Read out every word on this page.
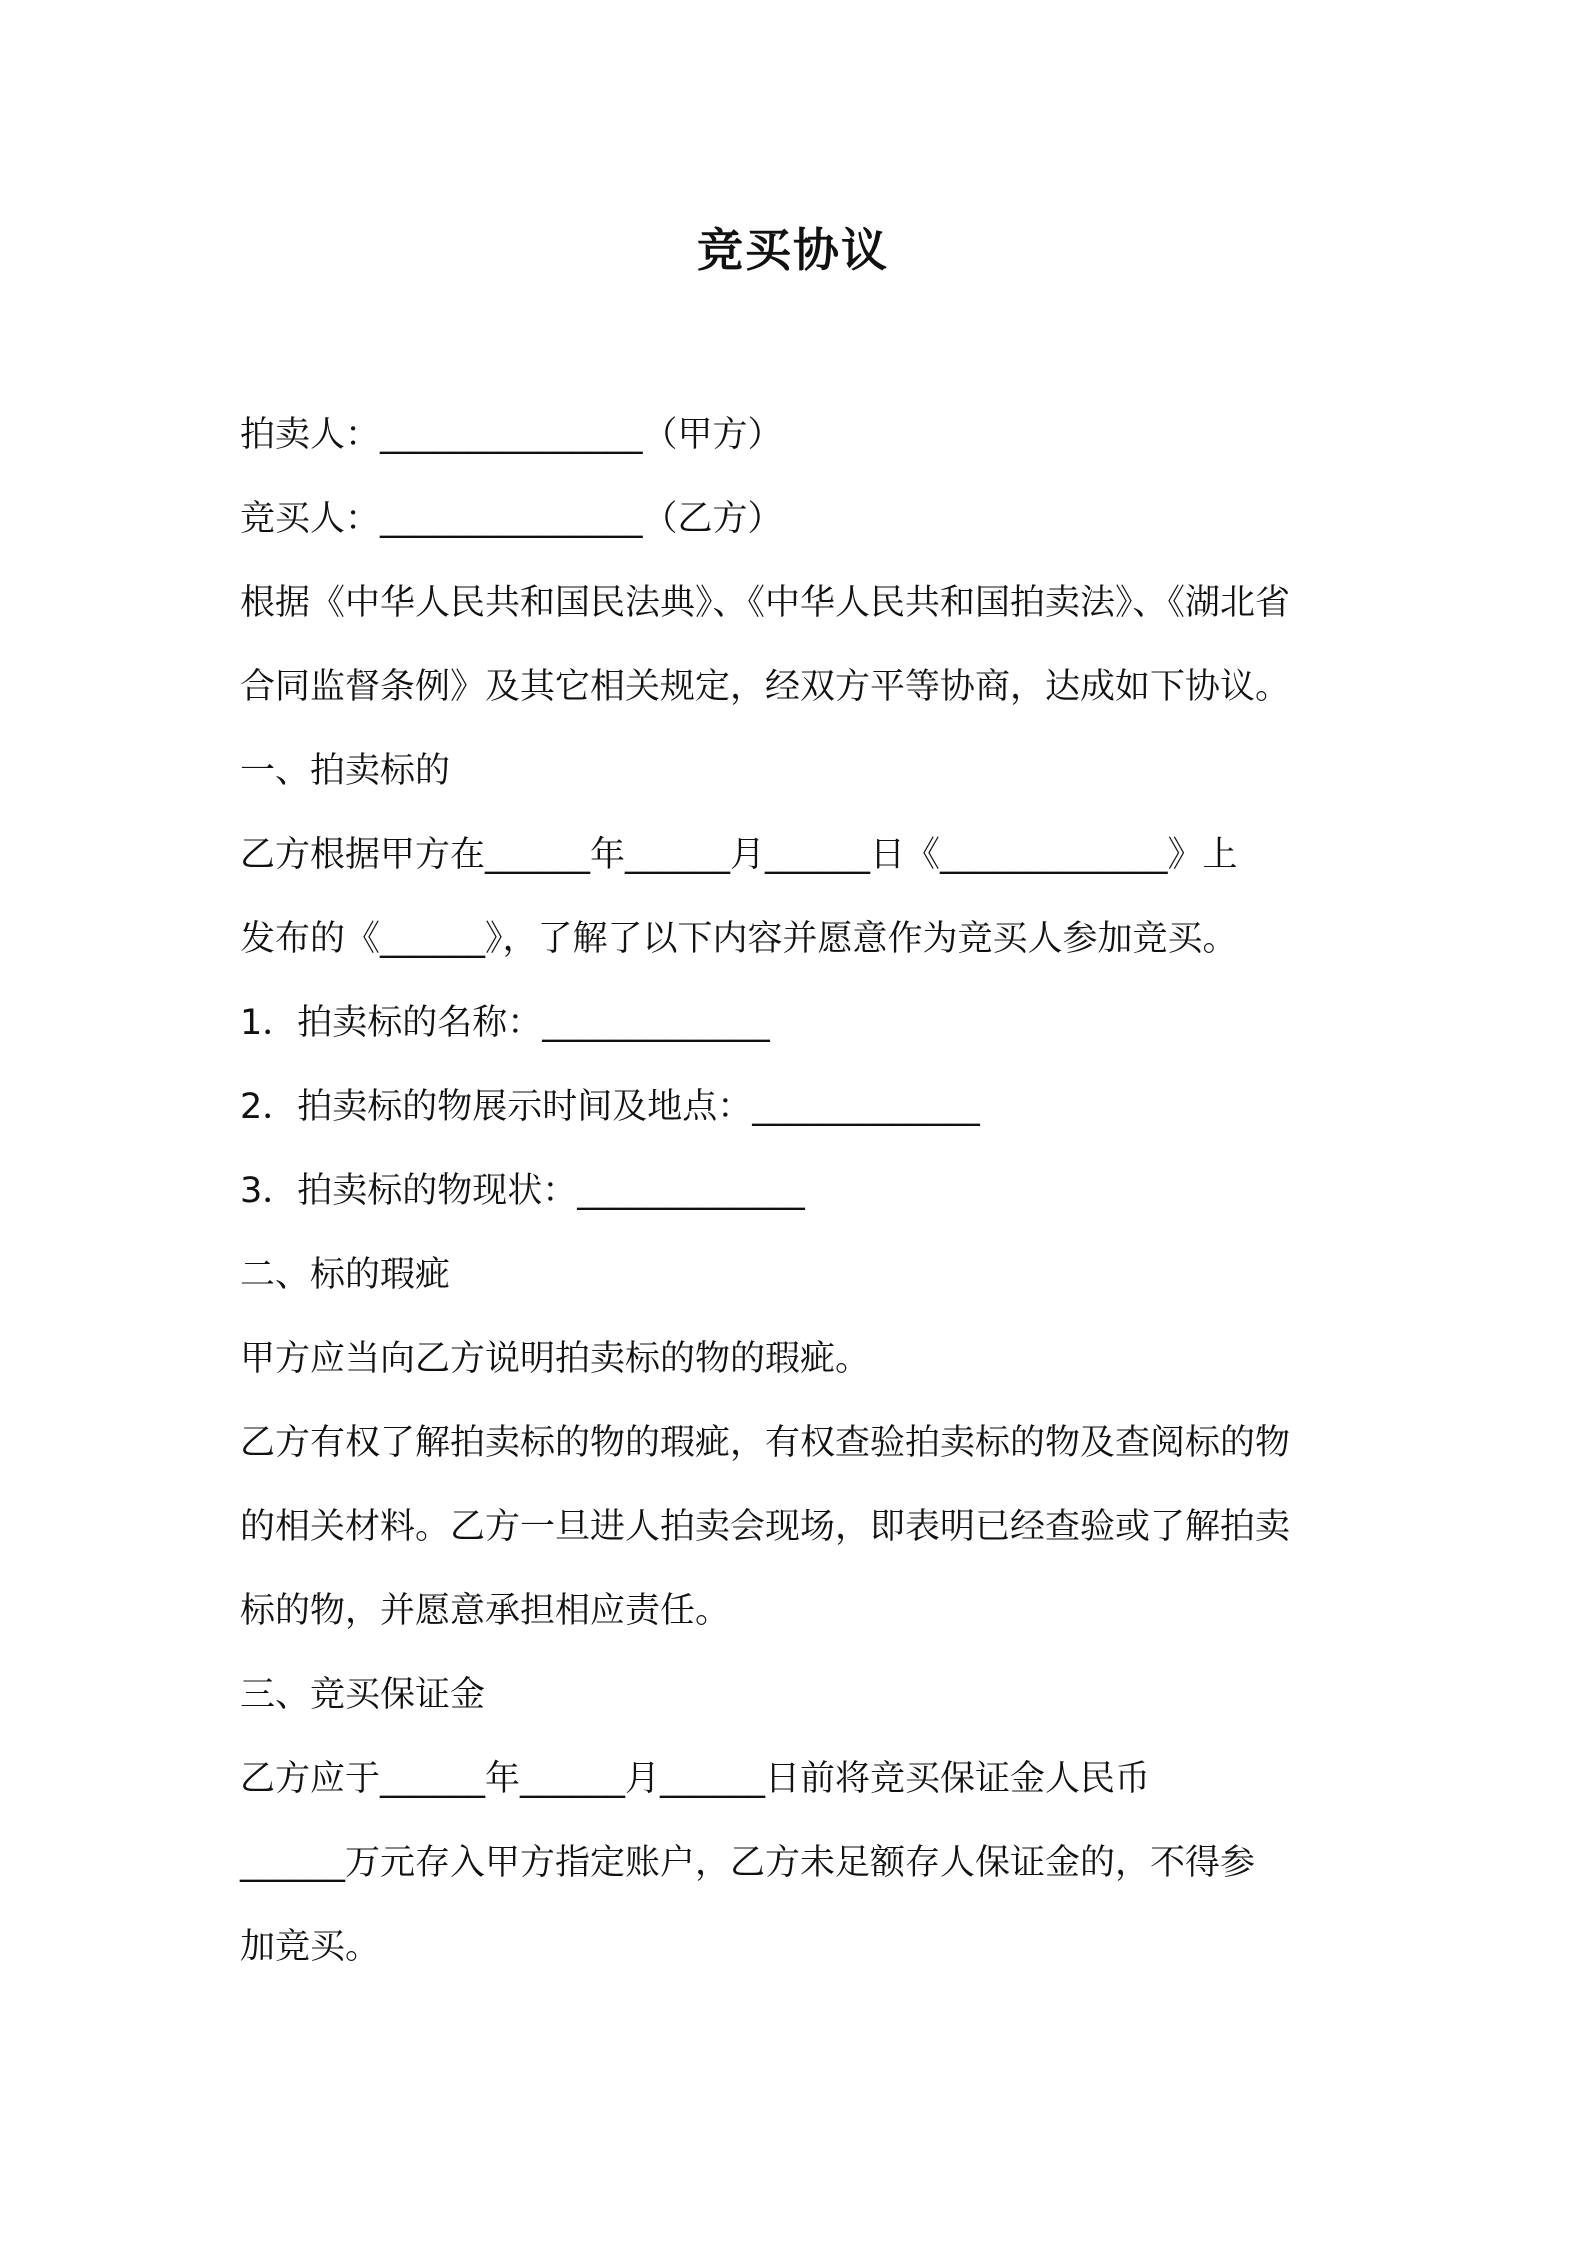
竞买协议
拍卖人：_______________（甲方）
竞买人：_______________（乙方）
根据《中华人民共和国民法典》、《中华人民共和国拍卖法》、《湖北省
合同监督条例》及其它相关规定，经双方平等协商，达成如下协议。
一、拍卖标的
乙方根据甲方在______年______月______日《_____________》上
发布的《______》，了解了以下内容并愿意作为竞买人参加竞买。
1．拍卖标的名称：_____________
2．拍卖标的物展示时间及地点：_____________
3．拍卖标的物现状：_____________
二、标的瑕疵
甲方应当向乙方说明拍卖标的物的瑕疵。
乙方有权了解拍卖标的物的瑕疵，有权查验拍卖标的物及查阅标的物
的相关材料。乙方一旦进人拍卖会现场，即表明已经查验或了解拍卖
标的物，并愿意承担相应责任。
三、竞买保证金
乙方应于______年______月______日前将竞买保证金人民币
______万元存入甲方指定账户，乙方未足额存人保证金的，不得参
加竞买。
